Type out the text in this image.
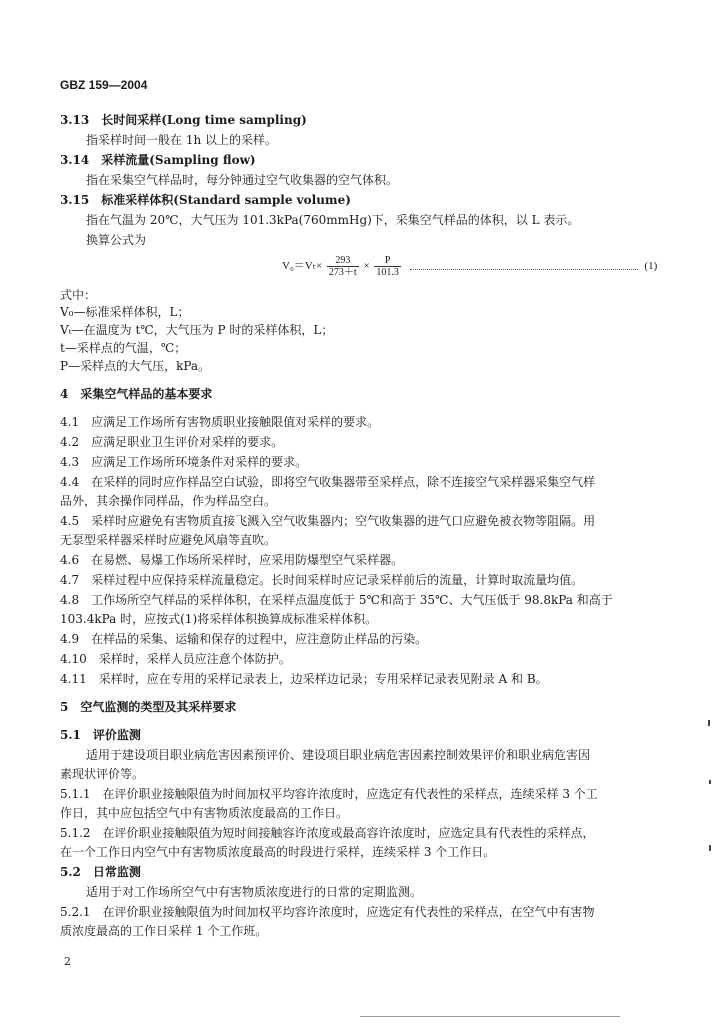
GBZ 159—2004
3.13　长时间采样(Long time sampling)
指采样时间一般在 1h 以上的采样。
3.14　采样流量(Sampling flow)
指在采集空气样品时，每分钟通过空气收集器的空气体积。
3.15　标准采样体积(Standard sample volume)
指在气温为 20℃，大气压为 101.3kPa(760mmHg)下，采集空气样品的体积，以 L 表示。
换算公式为
式中：
V₀—标准采样体积，L；
Vₜ—在温度为 t℃，大气压为 P 时的采样体积，L；
t—采样点的气温，℃；
P—采样点的大气压，kPa。
4　采集空气样品的基本要求
4.1　应满足工作场所有害物质职业接触限值对采样的要求。
4.2　应满足职业卫生评价对采样的要求。
4.3　应满足工作场所环境条件对采样的要求。
4.4　在采样的同时应作样品空白试验，即将空气收集器带至采样点，除不连接空气采样器采集空气样
品外，其余操作同样品，作为样品空白。
4.5　采样时应避免有害物质直接飞溅入空气收集器内；空气收集器的进气口应避免被衣物等阻隔。用
无泵型采样器采样时应避免风扇等直吹。
4.6　在易燃、易爆工作场所采样时，应采用防爆型空气采样器。
4.7　采样过程中应保持采样流量稳定。长时间采样时应记录采样前后的流量，计算时取流量均值。
4.8　工作场所空气样品的采样体积，在采样点温度低于 5℃和高于 35℃、大气压低于 98.8kPa 和高于
103.4kPa 时，应按式(1)将采样体积换算成标准采样体积。
4.9　在样品的采集、运输和保存的过程中，应注意防止样品的污染。
4.10　采样时，采样人员应注意个体防护。
4.11　采样时，应在专用的采样记录表上，边采样边记录；专用采样记录表见附录 A 和 B。
5　空气监测的类型及其采样要求
5.1　评价监测
适用于建设项目职业病危害因素预评价、建设项目职业病危害因素控制效果评价和职业病危害因
素现状评价等。
5.1.1　在评价职业接触限值为时间加权平均容许浓度时，应选定有代表性的采样点，连续采样 3 个工
作日，其中应包括空气中有害物质浓度最高的工作日。
5.1.2　在评价职业接触限值为短时间接触容许浓度或最高容许浓度时，应选定具有代表性的采样点，
在一个工作日内空气中有害物质浓度最高的时段进行采样，连续采样 3 个工作日。
5.2　日常监测
适用于对工作场所空气中有害物质浓度进行的日常的定期监测。
5.2.1　在评价职业接触限值为时间加权平均容许浓度时，应选定有代表性的采样点，在空气中有害物
质浓度最高的工作日采样 1 个工作班。
$V_0=V_t\times \frac{293}{273+t} \times \frac{P}{101.3}$	(1)
2
